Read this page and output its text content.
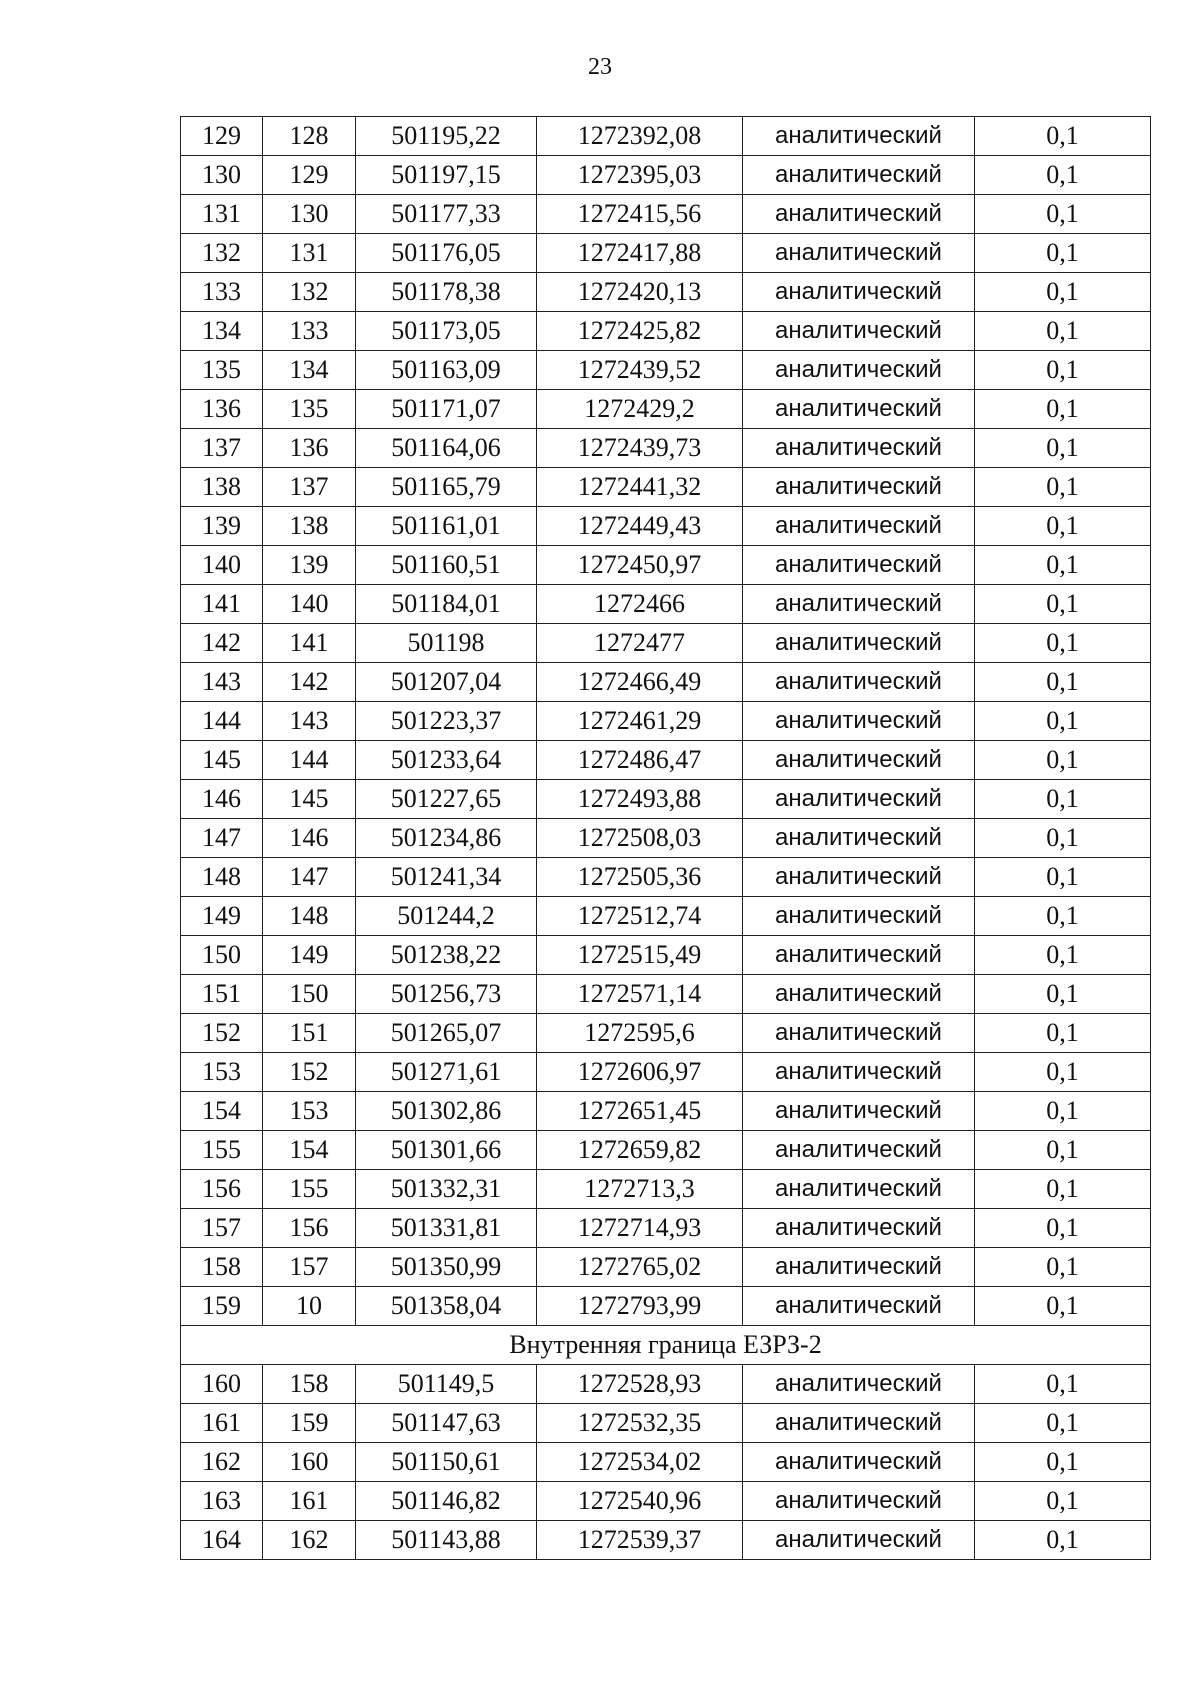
23
129	128	501195,22	1272392,08	аналитический	0,1
130	129	501197,15	1272395,03	аналитический	0,1
131	130	501177,33	1272415,56	аналитический	0,1
132	131	501176,05	1272417,88	аналитический	0,1
133	132	501178,38	1272420,13	аналитический	0,1
134	133	501173,05	1272425,82	аналитический	0,1
135	134	501163,09	1272439,52	аналитический	0,1
136	135	501171,07	1272429,2	аналитический	0,1
137	136	501164,06	1272439,73	аналитический	0,1
138	137	501165,79	1272441,32	аналитический	0,1
139	138	501161,01	1272449,43	аналитический	0,1
140	139	501160,51	1272450,97	аналитический	0,1
141	140	501184,01	1272466	аналитический	0,1
142	141	501198	1272477	аналитический	0,1
143	142	501207,04	1272466,49	аналитический	0,1
144	143	501223,37	1272461,29	аналитический	0,1
145	144	501233,64	1272486,47	аналитический	0,1
146	145	501227,65	1272493,88	аналитический	0,1
147	146	501234,86	1272508,03	аналитический	0,1
148	147	501241,34	1272505,36	аналитический	0,1
149	148	501244,2	1272512,74	аналитический	0,1
150	149	501238,22	1272515,49	аналитический	0,1
151	150	501256,73	1272571,14	аналитический	0,1
152	151	501265,07	1272595,6	аналитический	0,1
153	152	501271,61	1272606,97	аналитический	0,1
154	153	501302,86	1272651,45	аналитический	0,1
155	154	501301,66	1272659,82	аналитический	0,1
156	155	501332,31	1272713,3	аналитический	0,1
157	156	501331,81	1272714,93	аналитический	0,1
158	157	501350,99	1272765,02	аналитический	0,1
159	10	501358,04	1272793,99	аналитический	0,1
Внутренняя граница ЕЗРЗ-2					
160	158	501149,5	1272528,93	аналитический	0,1
161	159	501147,63	1272532,35	аналитический	0,1
162	160	501150,61	1272534,02	аналитический	0,1
163	161	501146,82	1272540,96	аналитический	0,1
164	162	501143,88	1272539,37	аналитический	0,1
